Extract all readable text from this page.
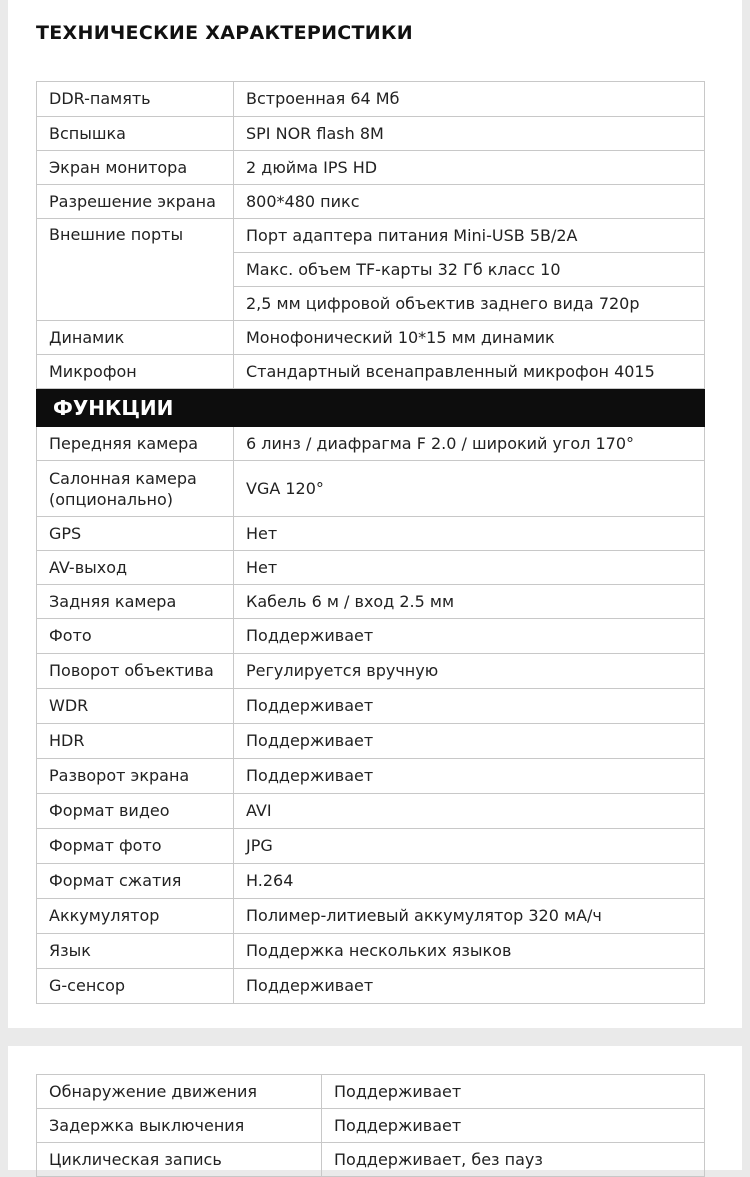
ТЕХНИЧЕСКИЕ ХАРАКТЕРИСТИКИ
DDR-память	Встроенная 64 Мб
Вспышка	SPI NOR flash 8M
Экран монитора	2 дюйма IPS HD
Разрешение экрана	800*480 пикс
Внешние порты	Порт адаптера питания Mini-USB 5В/2А
	Макс. объем TF-карты 32 Гб класс 10
	2,5 мм цифровой объектив заднего вида 720р
Динамик	Монофонический 10*15 мм динамик
Микрофон	Стандартный всенаправленный микрофон 4015
ФУНКЦИИ	
Передняя камера	6 линз / диафрагма F 2.0 / широкий угол 170°
Салонная камера (опционально)	VGA 120°
GPS	Нет
AV-выход	Нет
Задняя камера	Кабель 6 м / вход 2.5 мм
Фото	Поддерживает
Поворот объектива	Регулируется вручную
WDR	Поддерживает
HDR	Поддерживает
Разворот экрана	Поддерживает
Формат видео	AVI
Формат фото	JPG
Формат сжатия	H.264
Аккумулятор	Полимер-литиевый аккумулятор 320 мА/ч
Язык	Поддержка нескольких языков
G-сенсор	Поддерживает
Обнаружение движения	Поддерживает
Задержка выключения	Поддерживает
Циклическая запись	Поддерживает, без пауз
